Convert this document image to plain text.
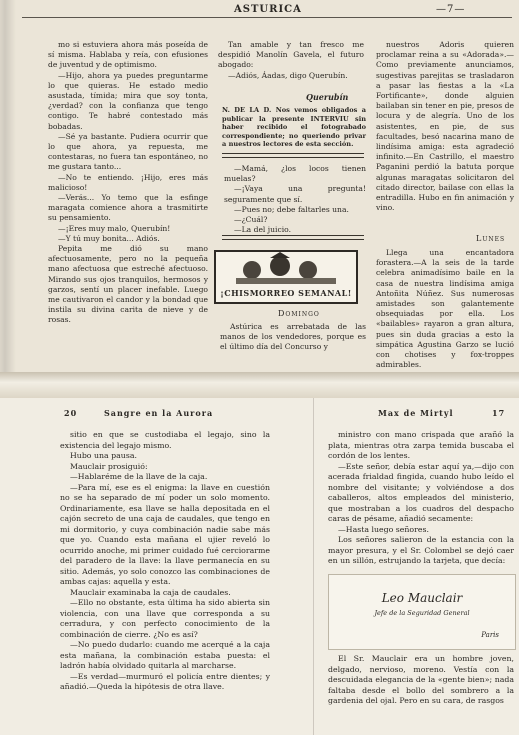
ASTURICA	—7—

mo si estuviera ahora más poseída de sí misma. Hablaba y reía, con efusiones de juventud y de optimismo.

—Hijo, ahora ya puedes preguntarme lo que quieras. He estado medio asustada, tímida; mira que soy tonta, ¿verdad? con la confianza que tengo contigo. Te habré contestado más bobadas.

—Sé ya bastante. Pudiera ocurrir que lo que ahora, ya repuesta, me contestaras, no fuera tan espontáneo, no me gustara tanto...

—No te entiendo. ¡Hijo, eres más malicioso!

—Verás... Yo temo que la esfinge maragata comience ahora a trasmitirte su pensamiento.

—¡Eres muy malo, Querubín!

—Y tú muy bonita... Adiós.

Pepita me dió su mano afectuosamente, pero no la pequeña mano afectuosa que estreché afectuoso. Mirando sus ojos tranquilos, hermosos y garzos, sentí un placer inefable. Luego me cautivaron el candor y la bondad que instila su divina carita de nieve y de rosas.

Tan amable y tan fresco me despidió Manolín Gavela, el futuro abogado:

—Adiós, Áadas, digo Querubín.

Querubín
N. DE LA D. Nos vemos obligados a publicar la presente INTERVIU sin haber recibido el fotograbado correspondiente; no queriendo privar a nuestros lectores de esta sección.

—Mamá, ¿los locos tienen muelas?

—¡Vaya una pregunta! seguramente que sí.

—Pues no; debe faltarles una.

—¿Cuál?

—La del juicio.

¡CHISMORREO SEMANAL!
Domingo

Astúrica es arrebatada de las manos de los vendedores, porque es el último día del Concurso y

nuestros Adoris quieren proclamar reina a su «Adorada».—Como previamente anunciamos, sugestivas parejitas se trasladaron a pasar las fiestas a la «La Fortificante», donde alguien bailaban sin tener en pie, presos de locura y de alegría. Uno de los asistentes, en pie, de sus facultades, besó nacarina mano de lindísima amiga: esta agradeció infinito.—En Castrillo, el maestro Paganini perdió la batuta porque algunas maragatas solicitaron del citado director, bailase con ellas la entradilla. Hubo en fin animación y vino.

Lunes

Llega una encantadora forastera.—A la seis de la tarde celebra animadísimo baile en la casa de nuestra lindísima amiga Antoñita Núñez. Sus numerosas amistades son galantemente obsequiadas por ella. Los «bailables» rayaron a gran altura, pues sin duda gracias a esto la simpática Agustina Garzo se lució con chotises y fox-troppes admirables.

20	Sangre en la Aurora	Max de Mirtyl	17

sitio en que se custodiaba el legajo, sino la existencia del legajo mismo.

Hubo una pausa.

Mauclair prosiguió:

—Hablaréme de la llave de la caja.

—Para mí, ese es el enigma: la llave en cuestión no se ha separado de mí poder un solo momento. Ordinariamente, esa llave se halla depositada en el cajón secreto de una caja de caudales, que tengo en mi dormitorio, y cuya combinación nadie sabe más que yo. Cuando esta mañana el ujier reveló lo ocurrido anoche, mi primer cuidado fué cerciorarme del paradero de la llave: la llave permanecía en su sitio. Además, yo solo conozco las combinaciones de ambas cajas: aquella y esta.

Mauclair examinaba la caja de caudales.

—Ello no obstante, esta última ha sido abierta sin violencia, con una llave que corresponda a su cerradura, y con perfecto conocimiento de la combinación de cierre. ¿No es así?

—No puedo dudarlo: cuando me acerqué a la caja esta mañana, la combinación estaba puesta: el ladrón había olvidado quitarla al marcharse.

—Es verdad—murmuró el policía entre dientes; y añadió.—Queda la hipótesis de otra llave.

ministro con mano crispada que arañó la plata, mientras otra zarpa temida buscaba el cordón de los lentes.

—Este señor, debía estar aquí ya,—dijo con acerada frialdad fingida, cuando hubo leído el nombre del visitante; y volviéndose a dos caballeros, altos empleados del ministerio, que mostraban a los cuadros del despacho caras de pésame, añadió secamente:

—Hasta luego señores.

Los señores salieron de la estancia con la mayor presura, y el Sr. Colombel se dejó caer en un sillón, estrujando la tarjeta, que decía:

Leo Mauclair
Jefe de la Seguridad General
Paris

El Sr. Mauclair era un hombre joven, delgado, nervioso, moreno. Vestía con la descuidada elegancia de la «gente bien»; nada faltaba desde el bollo del sombrero a la gardenia del ojal. Pero en su cara, de rasgos
